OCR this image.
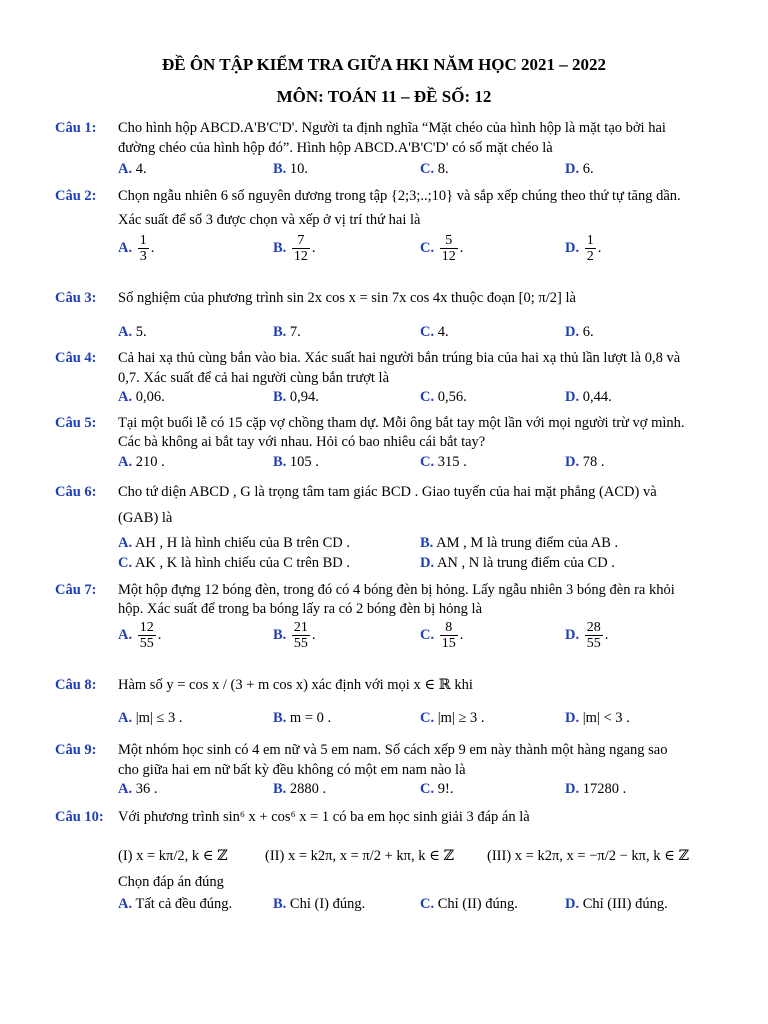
ĐỀ ÔN TẬP KIỂM TRA GIỮA HKI NĂM HỌC 2021 – 2022
MÔN: TOÁN 11 – ĐỀ SỐ: 12
Câu 1: Cho hình hộp ABCD.A'B'C'D'. Người ta định nghĩa “Mặt chéo của hình hộp là mặt tạo bởi hai
đường chéo của hình hộp đó”. Hình hộp ABCD.A'B'C'D' có số mặt chéo là
A. 4.	B. 10.	C. 8.	D. 6.
Câu 2: Chọn ngẫu nhiên 6 số nguyên dương trong tập {2;3;..;10} và sắp xếp chúng theo thứ tự tăng dần.
Xác suất để số 3 được chọn và xếp ở vị trí thứ hai là
A. $\frac{1}{3}$ .	B. $\frac{7}{12}$ .	C. $\frac{5}{12}$ .	D. $\frac{1}{2}$ .
Câu 3: Số nghiệm của phương trình sin 2x cos x = sin 7x cos 4x thuộc đoạn [0; π/2] là
A. 5.	B. 7.	C. 4.	D. 6.
Câu 4: Cả hai xạ thủ cùng bắn vào bia. Xác suất hai người bắn trúng bia của hai xạ thủ lần lượt là 0,8 và
0,7. Xác suất để cả hai người cùng bắn trượt là
A. 0,06.	B. 0,94.	C. 0,56.	D. 0,44.
Câu 5: Tại một buổi lễ có 15 cặp vợ chồng tham dự. Mỗi ông bắt tay một lần với mọi người trừ vợ mình.
Các bà không ai bắt tay với nhau. Hỏi có bao nhiêu cái bắt tay?
A. 210 .	B. 105 .	C. 315 .	D. 78 .
Câu 6: Cho tứ diện ABCD , G là trọng tâm tam giác BCD . Giao tuyến của hai mặt phẳng (ACD) và
(GAB) là
A. AH , H là hình chiếu của B trên CD .	B. AM , M là trung điểm của AB .
C. AK , K là hình chiếu của C trên BD .	D. AN , N là trung điểm của CD .
Câu 7: Một hộp đựng 12 bóng đèn, trong đó có 4 bóng đèn bị hỏng. Lấy ngẫu nhiên 3 bóng đèn ra khỏi
hộp. Xác suất để trong ba bóng lấy ra có 2 bóng đèn bị hỏng là
A. $\frac{12}{55}$ .	B. $\frac{21}{55}$ .	C. $\frac{8}{15}$ .	D. $\frac{28}{55}$ .
Câu 8: Hàm số y = cos x / (3 + m cos x) xác định với mọi x ∈ ℝ khi
A. |m| ≤ 3 .	B. m = 0 .	C. |m| ≥ 3 .	D. |m| < 3 .
Câu 9: Một nhóm học sinh có 4 em nữ và 5 em nam. Số cách xếp 9 em này thành một hàng ngang sao
cho giữa hai em nữ bất kỳ đều không có một em nam nào là
A. 36 .	B. 2880 .	C. 9!.	D. 17280 .
Câu 10: Với phương trình sin⁶ x + cos⁶ x = 1 có ba em học sinh giải 3 đáp án là
(I) x = kπ/2, k ∈ ℤ	(II) x = k2π, x = π/2 + kπ, k ∈ ℤ (III) x = k2π, x = −π/2 − kπ, k ∈ ℤ
Chọn đáp án đúng
A. Tất cả đều đúng.	B. Chỉ (I) đúng.	C. Chỉ (II) đúng.	D. Chỉ (III) đúng.
